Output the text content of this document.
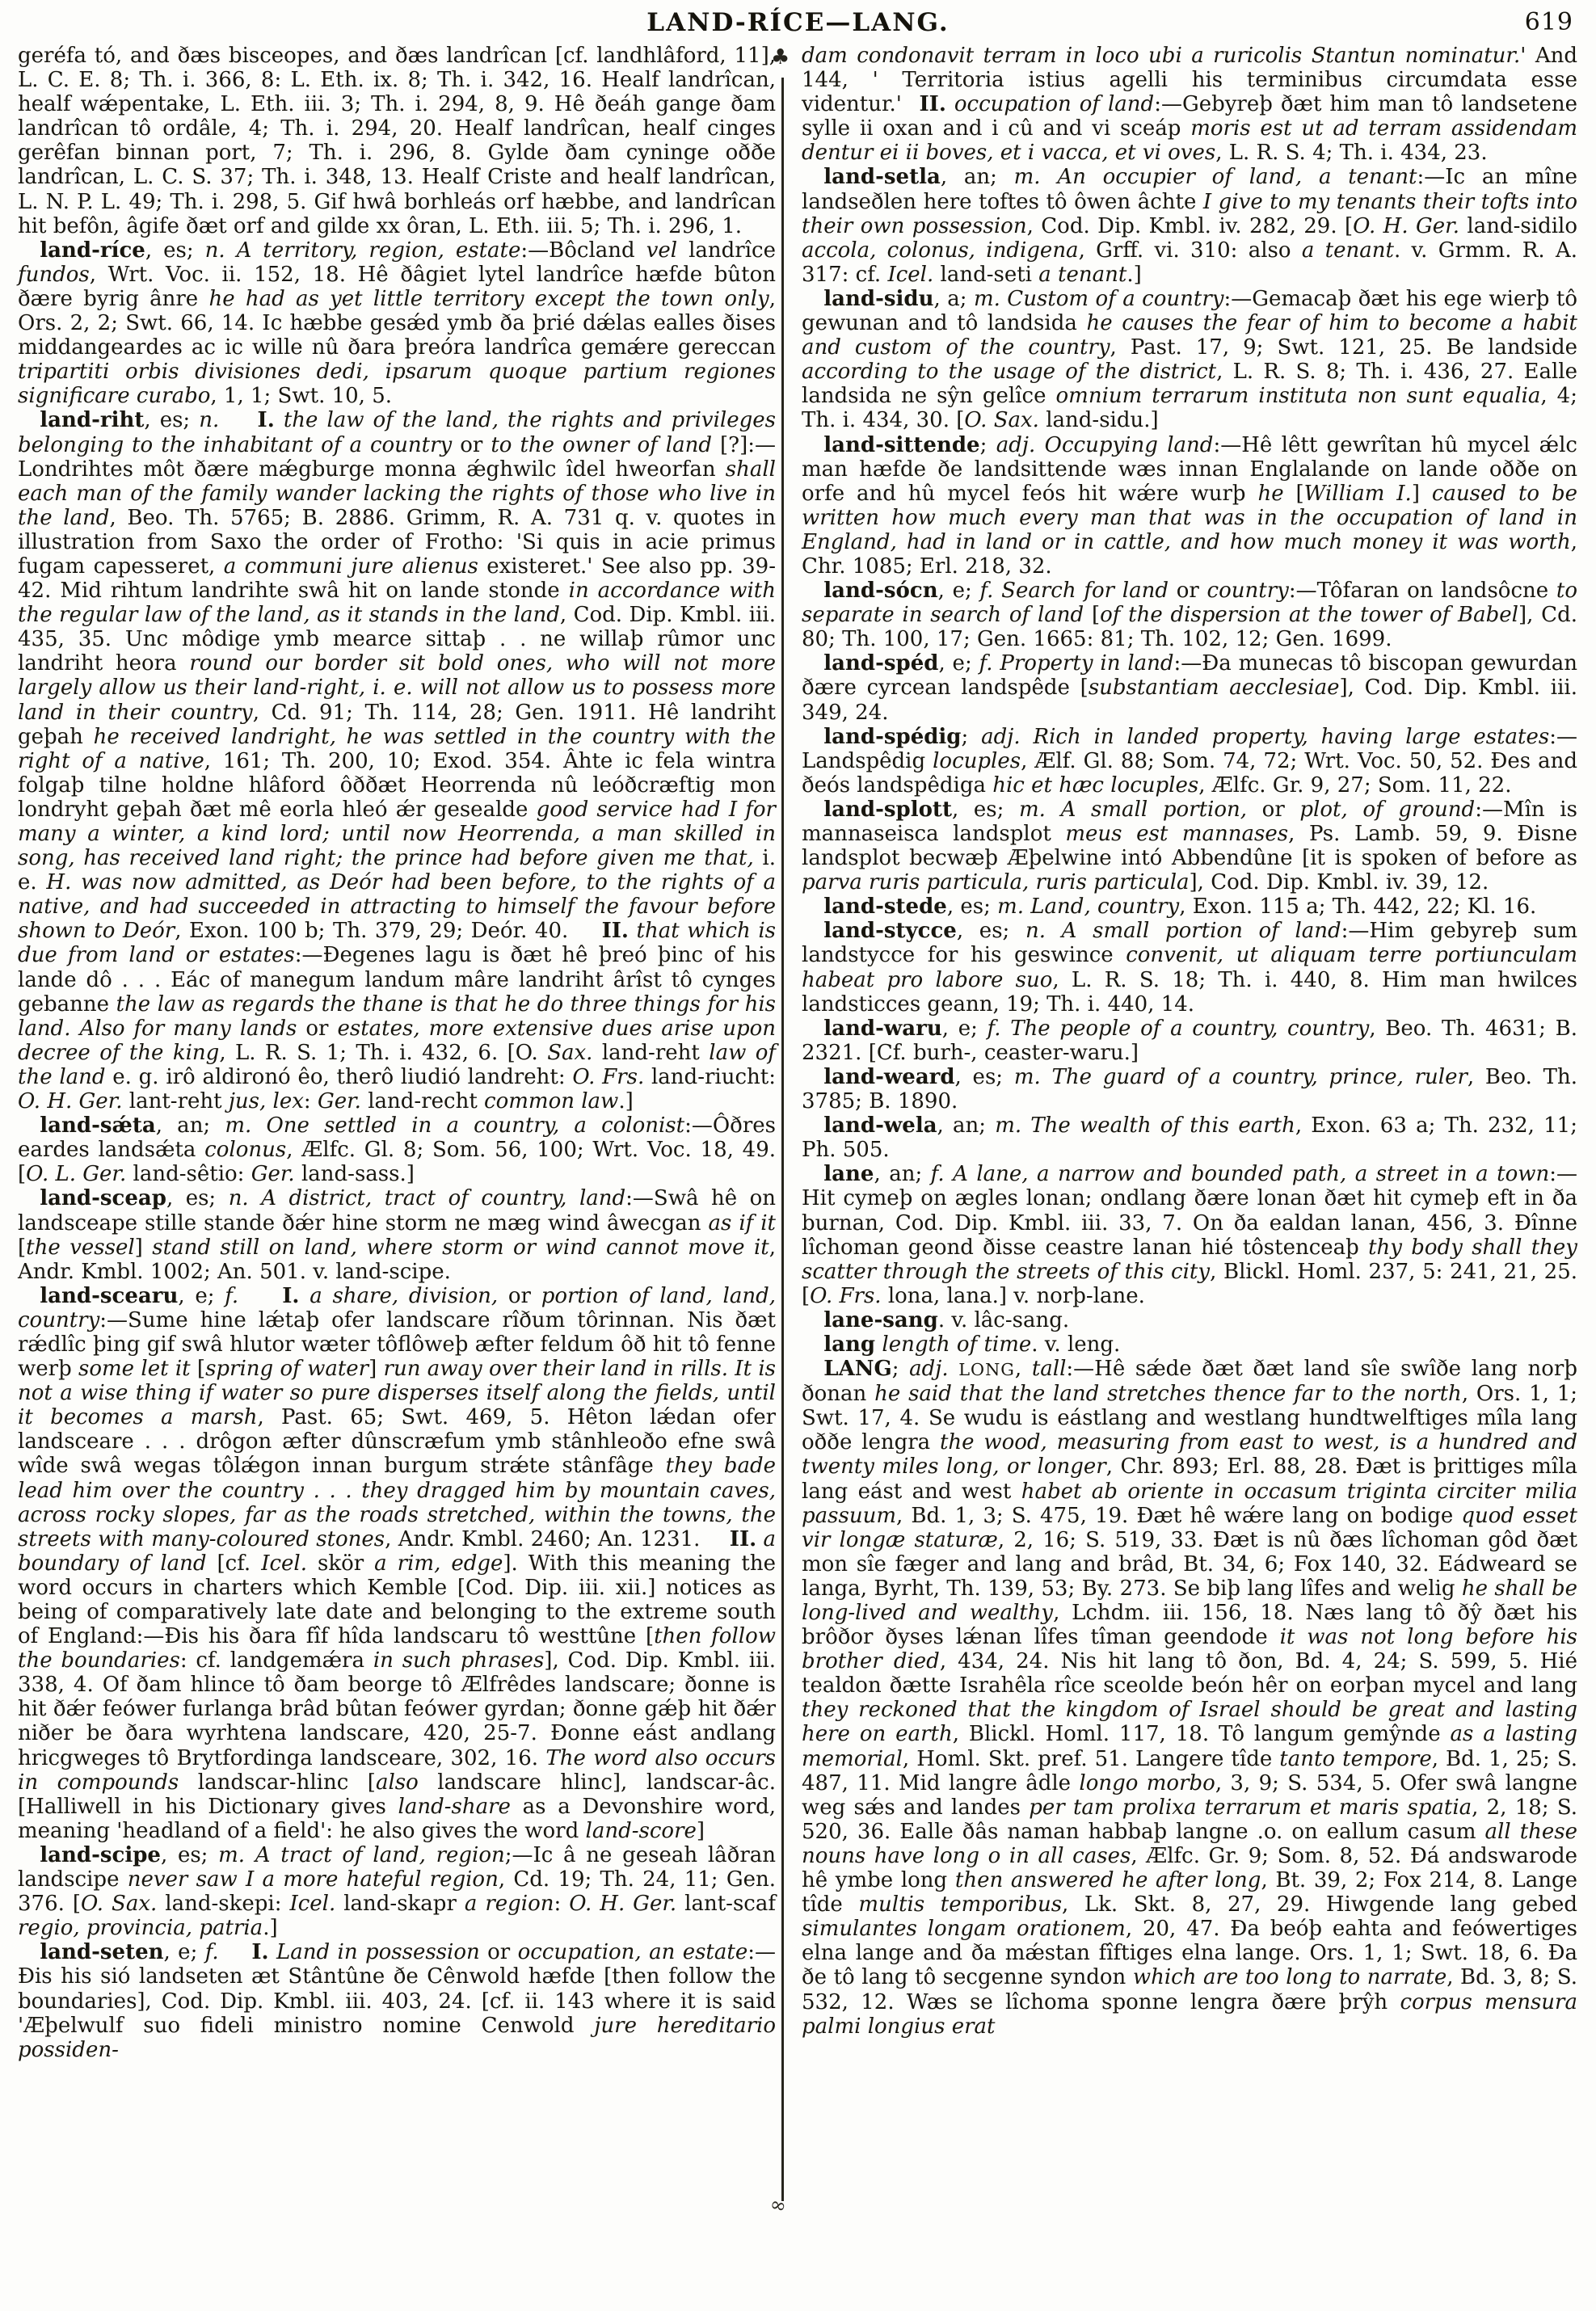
LAND-RÍCE—LANG.	619
♣
∞

geréfa tó, and ðæs bisceopes, and ðæs landrîcan [cf. landhlâford, 11], L. C. E. 8; Th. i. 366, 8: L. Eth. ix. 8; Th. i. 342, 16. Healf landrîcan, healf wǽpentake, L. Eth. iii. 3; Th. i. 294, 8, 9. Hê ðeáh gange ðam landrîcan tô ordâle, 4; Th. i. 294, 20. Healf landrîcan, healf cinges gerêfan binnan port, 7; Th. i. 296, 8. Gylde ðam cyninge oððe landrîcan, L. C. S. 37; Th. i. 348, 13. Healf Criste and healf landrîcan, L. N. P. L. 49; Th. i. 298, 5. Gif hwâ borhleás orf hæbbe, and landrîcan hit befôn, âgife ðæt orf and gilde xx ôran, L. Eth. iii. 5; Th. i. 296, 1.

land-ríce, es; n. A territory, region, estate:—Bôcland vel landrîce fundos, Wrt. Voc. ii. 152, 18. Hê ðâgiet lytel landrîce hæfde bûton ðære byrig ânre he had as yet little territory except the town only, Ors. 2, 2; Swt. 66, 14. Ic hæbbe gesǽd ymb ða þrié dǽlas ealles ðises middangeardes ac ic wille nû ðara þreóra landrîca gemǽre gereccan tripartiti orbis divisiones dedi, ipsarum quoque partium regiones significare curabo, 1, 1; Swt. 10, 5.

land-riht, es; n.    I. the law of the land, the rights and privileges belonging to the inhabitant of a country or to the owner of land [?]:—Londrihtes môt ðære mǽgburge monna ǽghwilc îdel hweorfan shall each man of the family wander lacking the rights of those who live in the land, Beo. Th. 5765; B. 2886. Grimm, R. A. 731 q. v. quotes in illustration from Saxo the order of Frotho: 'Si quis in acie primus fugam capesseret, a communi jure alienus existeret.' See also pp. 39-42. Mid rihtum landrihte swâ hit on lande stonde in accordance with the regular law of the land, as it stands in the land, Cod. Dip. Kmbl. iii. 435, 35. Unc môdige ymb mearce sittaþ . . ne willaþ rûmor unc landriht heora round our border sit bold ones, who will not more largely allow us their land-right, i. e. will not allow us to possess more land in their country, Cd. 91; Th. 114, 28; Gen. 1911. Hê landriht geþah he received landright, he was settled in the country with the right of a native, 161; Th. 200, 10; Exod. 354. Âhte ic fela wintra folgaþ tilne holdne hlâford ôððæt Heorrenda nû leóðcræftig mon londryht geþah ðæt mê eorla hleó ǽr gesealde good service had I for many a winter, a kind lord; until now Heorrenda, a man skilled in song, has received land right; the prince had before given me that, i. e. H. was now admitted, as Deór had been before, to the rights of a native, and had succeeded in attracting to himself the favour before shown to Deór, Exon. 100 b; Th. 379, 29; Deór. 40.    II. that which is due from land or estates:—Ðegenes lagu is ðæt hê þreó þinc of his lande dô . . . Eác of manegum landum mâre landriht ârîst tô cynges gebanne the law as regards the thane is that he do three things for his land. Also for many lands or estates, more extensive dues arise upon decree of the king, L. R. S. 1; Th. i. 432, 6. [O. Sax. land-reht law of the land e. g. irô aldironó êo, therô liudió landreht: O. Frs. land-riucht: O. H. Ger. lant-reht jus, lex: Ger. land-recht common law.]

land-sǽta, an; m. One settled in a country, a colonist:—Ôðres eardes landsǽta colonus, Ælfc. Gl. 8; Som. 56, 100; Wrt. Voc. 18, 49. [O. L. Ger. land-sêtio: Ger. land-sass.]

land-sceap, es; n. A district, tract of country, land:—Swâ hê on landsceape stille stande ðǽr hine storm ne mæg wind âwecgan as if it [the vessel] stand still on land, where storm or wind cannot move it, Andr. Kmbl. 1002; An. 501. v. land-scipe.

land-scearu, e; f.    I. a share, division, or portion of land, land, country:—Sume hine lǽtaþ ofer landscare rîðum tôrinnan. Nis ðæt rǽdlîc þing gif swâ hlutor wæter tôflôweþ æfter feldum ôð hit tô fenne werþ some let it [spring of water] run away over their land in rills. It is not a wise thing if water so pure disperses itself along the fields, until it becomes a marsh, Past. 65; Swt. 469, 5. Hêton lǽdan ofer landsceare . . . drôgon æfter dûnscræfum ymb stânhleoðo efne swâ wîde swâ wegas tôlǽgon innan burgum strǽte stânfâge they bade lead him over the country . . . they dragged him by mountain caves, across rocky slopes, far as the roads stretched, within the towns, the streets with many-coloured stones, Andr. Kmbl. 2460; An. 1231.    II. a boundary of land [cf. Icel. skör a rim, edge]. With this meaning the word occurs in charters which Kemble [Cod. Dip. iii. xii.] notices as being of comparatively late date and belonging to the extreme south of England:—Ðis his ðara fîf hîda landscaru tô westtûne [then follow the boundaries: cf. landgemǽra in such phrases], Cod. Dip. Kmbl. iii. 338, 4. Of ðam hlince tô ðam beorge tô Ælfrêdes landscare; ðonne is hit ðǽr feówer furlanga brâd bûtan feówer gyrdan; ðonne gǽþ hit ðǽr niðer be ðara wyrhtena landscare, 420, 25-7. Ðonne eást andlang hricgweges tô Brytfordinga landsceare, 302, 16. The word also occurs in compounds landscar-hlinc [also landscare hlinc], landscar-âc. [Halliwell in his Dictionary gives land-share as a Devonshire word, meaning 'headland of a field': he also gives the word land-score]

land-scipe, es; m. A tract of land, region;—Ic â ne geseah lâðran landscipe never saw I a more hateful region, Cd. 19; Th. 24, 11; Gen. 376. [O. Sax. land-skepi: Icel. land-skapr a region: O. H. Ger. lant-scaf regio, provincia, patria.]

land-seten, e; f.    I. Land in possession or occupation, an estate:—Ðis his sió landseten æt Stântûne ðe Cênwold hæfde [then follow the boundaries], Cod. Dip. Kmbl. iii. 403, 24. [cf. ii. 143 where it is said 'Æþelwulf suo fideli ministro nomine Cenwold jure hereditario possiden-

dam condonavit terram in loco ubi a ruricolis Stantun nominatur.' And 144, ' Territoria istius agelli his terminibus circumdata esse videntur.'  II. occupation of land:—Gebyreþ ðæt him man tô landsetene sylle ii oxan and i cû and vi sceáp moris est ut ad terram assidendam dentur ei ii boves, et i vacca, et vi oves, L. R. S. 4; Th. i. 434, 23.

land-setla, an; m. An occupier of land, a tenant:—Ic an mîne landseðlen here toftes tô ôwen âchte I give to my tenants their tofts into their own possession, Cod. Dip. Kmbl. iv. 282, 29. [O. H. Ger. land-sidilo accola, colonus, indigena, Grff. vi. 310: also a tenant. v. Grmm. R. A. 317: cf. Icel. land-seti a tenant.]

land-sidu, a; m. Custom of a country:—Gemacaþ ðæt his ege wierþ tô gewunan and tô landsida he causes the fear of him to become a habit and custom of the country, Past. 17, 9; Swt. 121, 25. Be landside according to the usage of the district, L. R. S. 8; Th. i. 436, 27. Ealle landsida ne sŷn gelîce omnium terrarum instituta non sunt equalia, 4; Th. i. 434, 30. [O. Sax. land-sidu.]

land-sittende; adj. Occupying land:—Hê lêtt gewrîtan hû mycel ǽlc man hæfde ðe landsittende wæs innan Englalande on lande oððe on orfe and hû mycel feós hit wǽre wurþ he [William I.] caused to be written how much every man that was in the occupation of land in England, had in land or in cattle, and how much money it was worth, Chr. 1085; Erl. 218, 32.

land-sócn, e; f. Search for land or country:—Tôfaran on landsôcne to separate in search of land [of the dispersion at the tower of Babel], Cd. 80; Th. 100, 17; Gen. 1665: 81; Th. 102, 12; Gen. 1699.

land-spéd, e; f. Property in land:—Ða munecas tô biscopan gewurdan ðære cyrcean landspêde [substantiam aecclesiae], Cod. Dip. Kmbl. iii. 349, 24.

land-spédig; adj. Rich in landed property, having large estates:—Landspêdig locuples, Ælf. Gl. 88; Som. 74, 72; Wrt. Voc. 50, 52. Ðes and ðeós landspêdiga hic et hæc locuples, Ælfc. Gr. 9, 27; Som. 11, 22.

land-splott, es; m. A small portion, or plot, of ground:—Mîn is mannaseisca landsplot meus est mannases, Ps. Lamb. 59, 9. Ðisne landsplot becwæþ Æþelwine intó Abbendûne [it is spoken of before as parva ruris particula, ruris particula], Cod. Dip. Kmbl. iv. 39, 12.

land-stede, es; m. Land, country, Exon. 115 a; Th. 442, 22; Kl. 16.

land-stycce, es; n. A small portion of land:—Him gebyreþ sum landstycce for his geswince convenit, ut aliquam terre portiunculam habeat pro labore suo, L. R. S. 18; Th. i. 440, 8. Him man hwilces landsticces geann, 19; Th. i. 440, 14.

land-waru, e; f. The people of a country, country, Beo. Th. 4631; B. 2321. [Cf. burh-, ceaster-waru.]

land-weard, es; m. The guard of a country, prince, ruler, Beo. Th. 3785; B. 1890.

land-wela, an; m. The wealth of this earth, Exon. 63 a; Th. 232, 11; Ph. 505.

lane, an; f. A lane, a narrow and bounded path, a street in a town:—Hit cymeþ on ægles lonan; ondlang ðære lonan ðæt hit cymeþ eft in ða burnan, Cod. Dip. Kmbl. iii. 33, 7. On ða ealdan lanan, 456, 3. Ðînne lîchoman geond ðisse ceastre lanan hié tôstenceaþ thy body shall they scatter through the streets of this city, Blickl. Homl. 237, 5: 241, 21, 25. [O. Frs. lona, lana.] v. norþ-lane.

lane-sang. v. lâc-sang.

lang length of time. v. leng.

LANG; adj. LONG, tall:—Hê sǽde ðæt ðæt land sîe swîðe lang norþ ðonan he said that the land stretches thence far to the north, Ors. 1, 1; Swt. 17, 4. Se wudu is eástlang and westlang hundtwelftiges mîla lang oððe lengra the wood, measuring from east to west, is a hundred and twenty miles long, or longer, Chr. 893; Erl. 88, 28. Ðæt is þrittiges mîla lang eást and west habet ab oriente in occasum triginta circiter milia passuum, Bd. 1, 3; S. 475, 19. Ðæt hê wǽre lang on bodige quod esset vir longæ staturæ, 2, 16; S. 519, 33. Ðæt is nû ðæs lîchoman gôd ðæt mon sîe fæger and lang and brâd, Bt. 34, 6; Fox 140, 32. Eádweard se langa, Byrht, Th. 139, 53; By. 273. Se biþ lang lîfes and welig he shall be long-lived and wealthy, Lchdm. iii. 156, 18. Næs lang tô ðŷ ðæt his brôðor ðyses lǽnan lîfes tîman geendode it was not long before his brother died, 434, 24. Nis hit lang tô ðon, Bd. 4, 24; S. 599, 5. Hié tealdon ðætte Israhêla rîce sceolde beón hêr on eorþan mycel and lang they reckoned that the kingdom of Israel should be great and lasting here on earth, Blickl. Homl. 117, 18. Tô langum gemŷnde as a lasting memorial, Homl. Skt. pref. 51. Langere tîde tanto tempore, Bd. 1, 25; S. 487, 11. Mid langre âdle longo morbo, 3, 9; S. 534, 5. Ofer swâ langne weg sǽs and landes per tam prolixa terrarum et maris spatia, 2, 18; S. 520, 36. Ealle ðâs naman habbaþ langne .o. on eallum casum all these nouns have long o in all cases, Ælfc. Gr. 9; Som. 8, 52. Ðá andswarode hê ymbe long then answered he after long, Bt. 39, 2; Fox 214, 8. Lange tîde multis temporibus, Lk. Skt. 8, 27, 29. Hiwgende lang gebed simulantes longam orationem, 20, 47. Ða beóþ eahta and feówertiges elna lange and ða mǽstan fîftiges elna lange. Ors. 1, 1; Swt. 18, 6. Ða ðe tô lang tô secgenne syndon which are too long to narrate, Bd. 3, 8; S. 532, 12. Wæs se lîchoma sponne lengra ðære þrŷh corpus mensura palmi longius erat
